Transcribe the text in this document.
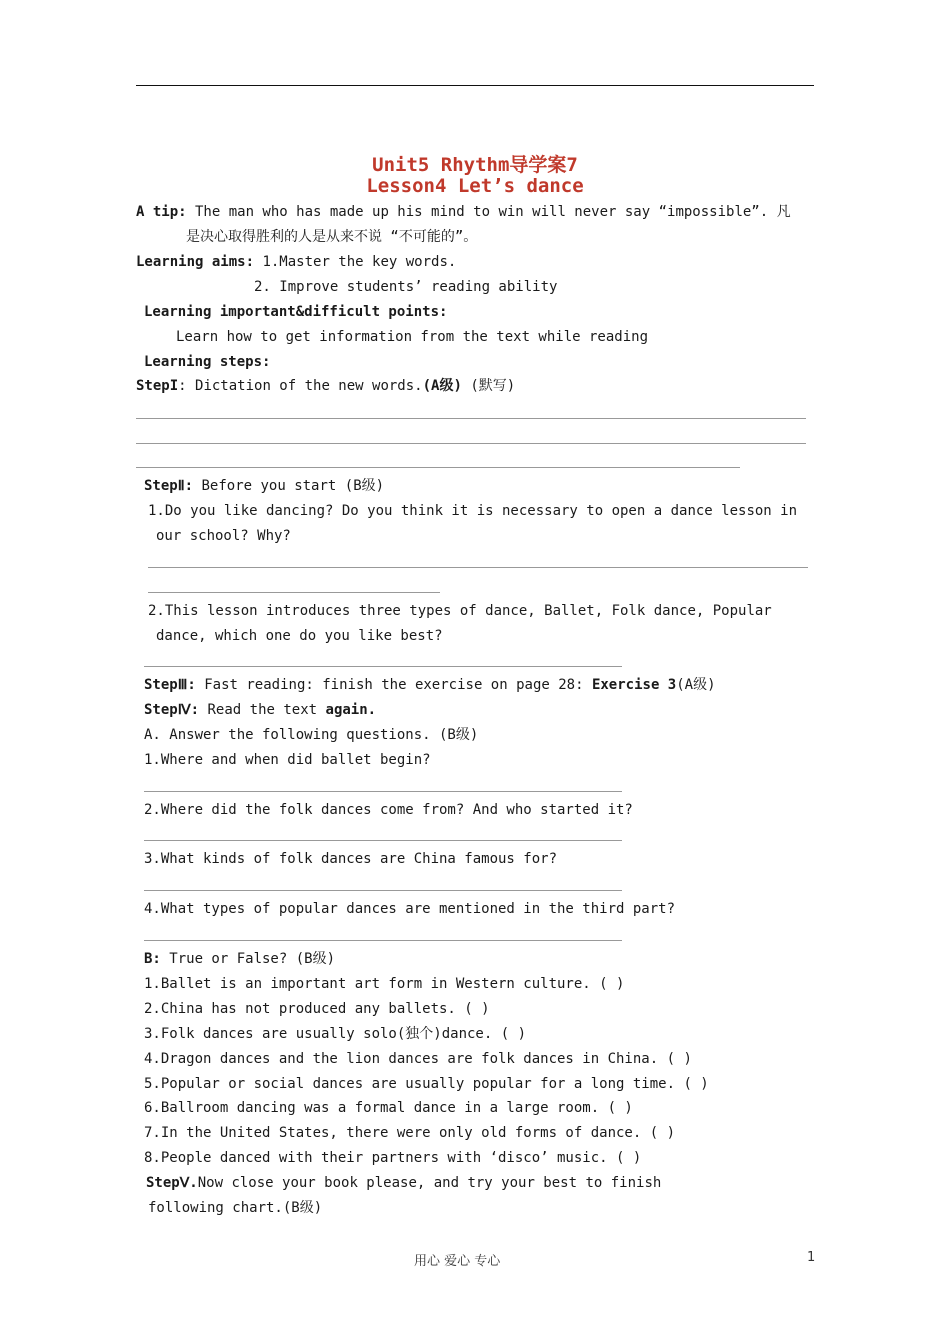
Unit5 Rhythm导学案7
Lesson4 Let’s dance
A tip: The man who has made up his mind to win will never say “impossible”. 凡
是决心取得胜利的人是从来不说 “不可能的”。
Learning aims: 1.Master the key words.
2. Improve students’ reading ability
Learning important&difficult points:
Learn how to get information from the text while reading
Learning steps:
StepI: Dictation of the new words.(A级) (默写)
StepⅡ: Before you start (B级)
1.Do you like dancing? Do you think it is necessary to open a dance lesson in
our school? Why?
2.This lesson introduces three types of dance, Ballet, Folk dance, Popular
dance, which one do you like best?
StepⅢ: Fast reading: finish the exercise on page 28: Exercise 3(A级)
StepⅣ: Read the text again.
A. Answer the following questions. (B级)
1.Where and when did ballet begin?
2.Where did the folk dances come from? And who started it?
3.What kinds of folk dances are China famous for?
4.What types of popular dances are mentioned in the third part?
B: True or False? (B级)
1.Ballet is an important art form in Western culture. ( )
2.China has not produced any ballets. ( )
3.Folk dances are usually solo(独个)dance. ( )
4.Dragon dances and the lion dances are folk dances in China. ( )
5.Popular or social dances are usually popular for a long time. ( )
6.Ballroom dancing was a formal dance in a large room. ( )
7.In the United States, there were only old forms of dance. ( )
8.People danced with their partners with ‘disco’ music. ( )
StepⅤ.Now close your book please, and try your best to finish
following chart.(B级)
用心 爱心 专心	1
